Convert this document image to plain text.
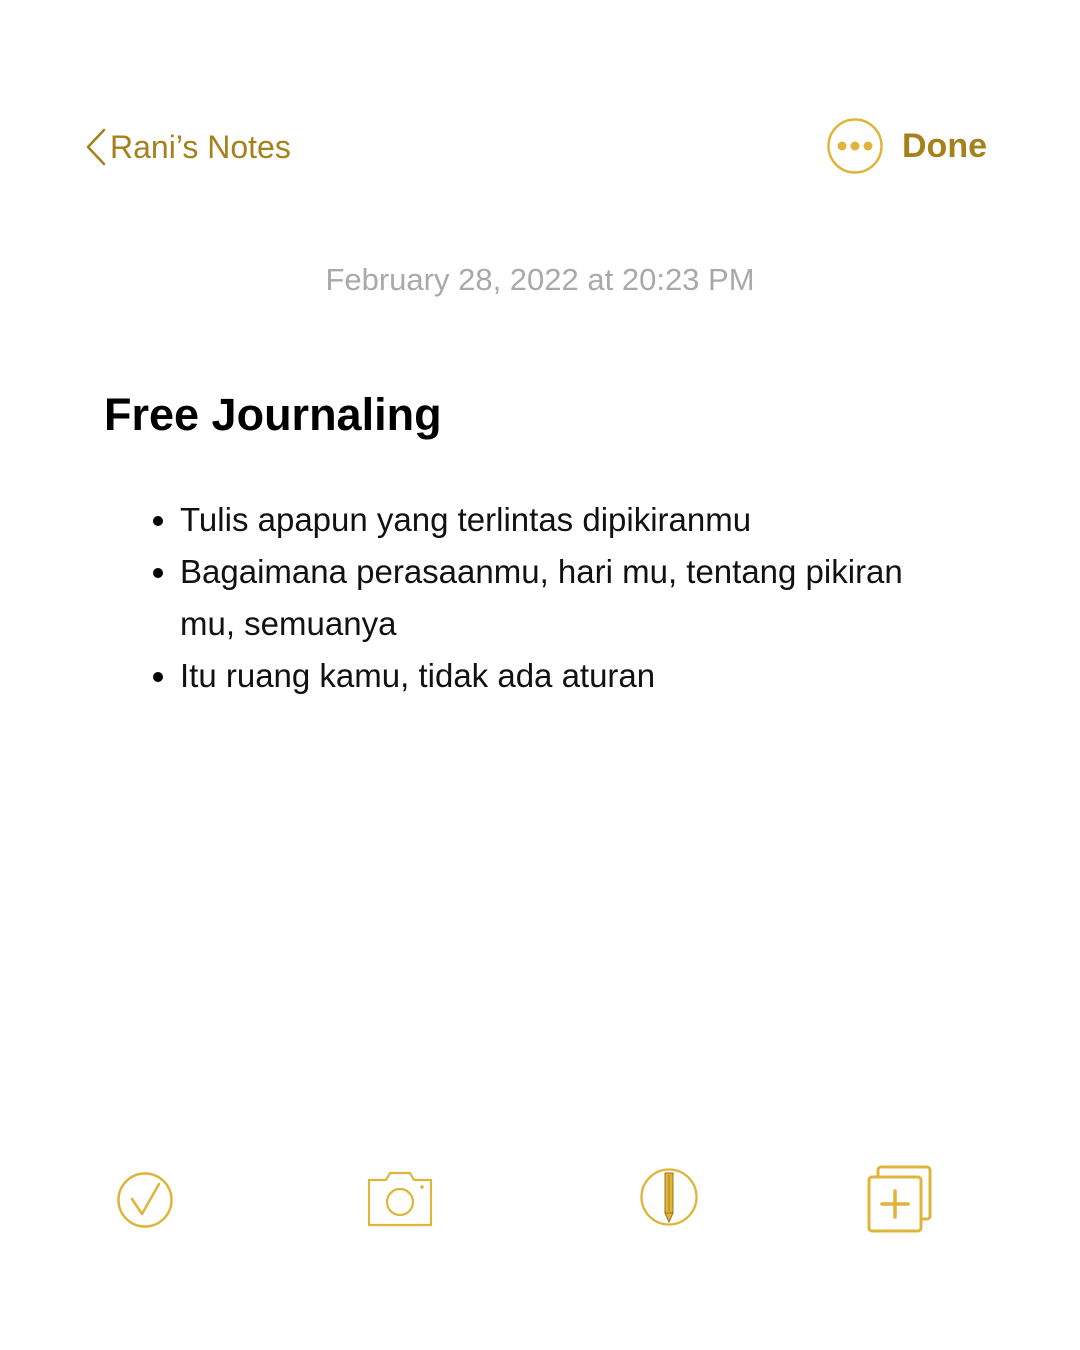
Rani’s Notes	Done
February 28, 2022 at 20:23 PM
Free Journaling
Tulis apapun yang terlintas dipikiranmu
Bagaimana perasaanmu, hari mu, tentang pikiran mu, semuanya
Itu ruang kamu, tidak ada aturan
